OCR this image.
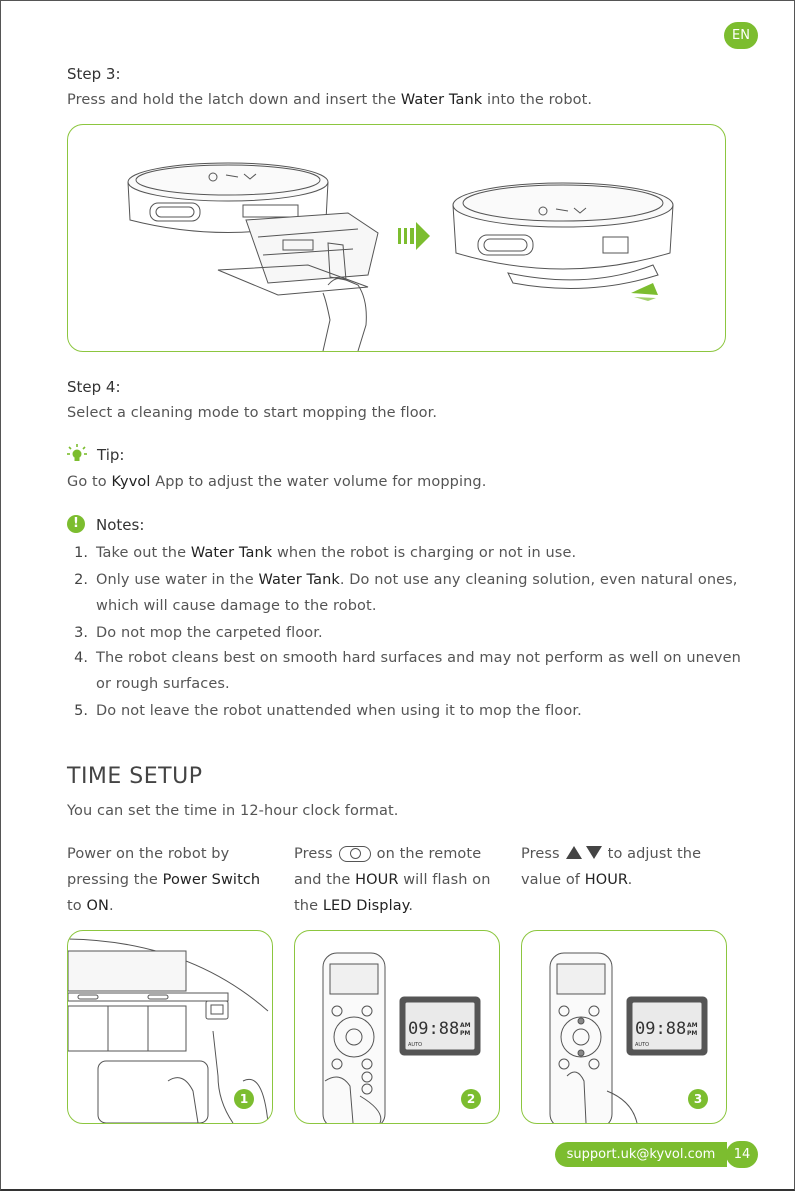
EN
Step 3:
Press and hold the latch down and insert the Water Tank into the robot.
Step 4:
Select a cleaning mode to start mopping the floor.
Tip:
Go to Kyvol App to adjust the water volume for mopping.
!	Notes:
1. Take out the Water Tank when the robot is charging or not in use.
2. Only use water in the Water Tank. Do not use any cleaning solution, even natural ones,
which will cause damage to the robot.
3. Do not mop the carpeted floor.
4. The robot cleans best on smooth hard surfaces and may not perform as well on uneven
or rough surfaces.
5. Do not leave the robot unattended when using it to mop the floor.
TIME SETUP
You can set the time in 12-hour clock format.
Power on the robot by
pressing the Power Switch
to ON.
Press	on the remote
and the HOUR will flash on
the LED Display.
Press	to adjust the
value of HOUR.
1
09:88 AM
PM
AUTO
2
09:88 AM
PM
AUTO
3
support.uk@kyvol.com	14
